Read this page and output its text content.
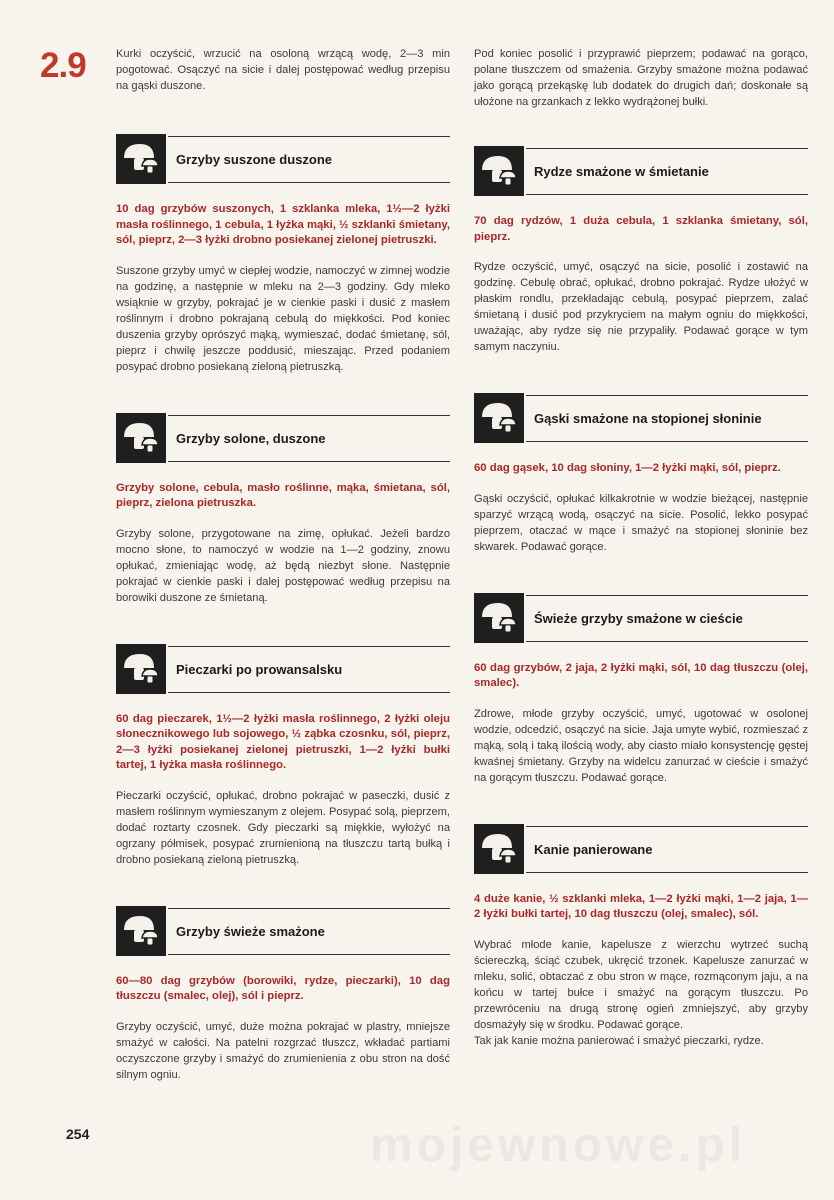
2.9
254	mojewnowe.pl

Kurki oczyścić, wrzucić na osoloną wrzącą wodę, 2—3 min pogotować. Osączyć na sicie i dalej postępować według przepisu na gąski duszone.

Grzyby suszone duszone

10 dag grzybów suszonych, 1 szklanka mleka, 1½—2 łyżki masła roślinnego, 1 cebula, 1 łyżka mąki, ½ szklanki śmietany, sól, pieprz, 2—3 łyżki drobno posiekanej zielonej pietruszki.

Suszone grzyby umyć w ciepłej wodzie, namoczyć w zimnej wodzie na godzinę, a następnie w mleku na 2—3 godziny. Gdy mleko wsiąknie w grzyby, pokrajać je w cienkie paski i dusić z masłem roślinnym i drobno pokrajaną cebulą do miękkości. Pod koniec duszenia grzyby oprószyć mąką, wymieszać, dodać śmietanę, sól, pieprz i chwilę jeszcze poddusić, mieszając. Przed podaniem posypać drobno posiekaną zieloną pietruszką.

Grzyby solone, duszone

Grzyby solone, cebula, masło roślinne, mąka, śmietana, sól, pieprz, zielona pietruszka.

Grzyby solone, przygotowane na zimę, opłukać. Jeżeli bardzo mocno słone, to namoczyć w wodzie na 1—2 godziny, znowu opłukać, zmieniając wodę, aż będą niezbyt słone. Następnie pokrajać w cienkie paski i dalej postępować według przepisu na borowiki duszone ze śmietaną.

Pieczarki po prowansalsku

60 dag pieczarek, 1½—2 łyżki masła roślinnego, 2 łyżki oleju słonecznikowego lub sojowego, ½ ząbka czosnku, sól, pieprz, 2—3 łyżki posiekanej zielonej pietruszki, 1—2 łyżki bułki tartej, 1 łyżka masła roślinnego.

Pieczarki oczyścić, opłukać, drobno pokrajać w paseczki, dusić z masłem roślinnym wymieszanym z olejem. Posypać solą, pieprzem, dodać roztarty czosnek. Gdy pieczarki są miękkie, wyłożyć na ogrzany półmisek, posypać zrumienioną na tłuszczu tartą bułką i drobno posiekaną zieloną pietruszką.

Grzyby świeże smażone

60—80 dag grzybów (borowiki, rydze, pieczarki), 10 dag tłuszczu (smalec, olej), sól i pieprz.

Grzyby oczyścić, umyć, duże można pokrajać w plastry, mniejsze smażyć w całości. Na patelni rozgrzać tłuszcz, wkładać partiami oczyszczone grzyby i smażyć do zrumienienia z obu stron na dość silnym ogniu.

Pod koniec posolić i przyprawić pieprzem; podawać na gorąco, polane tłuszczem od smażenia. Grzyby smażone można podawać jako gorącą przekąskę lub dodatek do drugich dań; doskonałe są ułożone na grzankach z lekko wydrążonej bułki.

Rydze smażone w śmietanie

70 dag rydzów, 1 duża cebula, 1 szklanka śmietany, sól, pieprz.

Rydze oczyścić, umyć, osączyć na sicie, posolić i zostawić na godzinę. Cebulę obrać, opłukać, drobno pokrajać. Rydze ułożyć w płaskim rondlu, przekładając cebulą, posypać pieprzem, zalać śmietaną i dusić pod przykryciem na małym ogniu do miękkości, uważając, aby rydze się nie przypaliły. Podawać gorące w tym samym naczyniu.

Gąski smażone na stopionej słoninie

60 dag gąsek, 10 dag słoniny, 1—2 łyżki mąki, sól, pieprz.

Gąski oczyścić, opłukać kilkakrotnie w wodzie bieżącej, następnie sparzyć wrzącą wodą, osączyć na sicie. Posolić, lekko posypać pieprzem, otaczać w mące i smażyć na stopionej słoninie bez skwarek. Podawać gorące.

Świeże grzyby smażone w cieście

60 dag grzybów, 2 jaja, 2 łyżki mąki, sól, 10 dag tłuszczu (olej, smalec).

Zdrowe, młode grzyby oczyścić, umyć, ugotować w osolonej wodzie, odcedzić, osączyć na sicie. Jaja umyte wybić, rozmieszać z mąką, solą i taką ilością wody, aby ciasto miało konsystencję gęstej kwaśnej śmietany. Grzyby na widelcu zanurzać w cieście i smażyć na gorącym tłuszczu. Podawać gorące.

Kanie panierowane

4 duże kanie, ½ szklanki mleka, 1—2 łyżki mąki, 1—2 jaja, 1—2 łyżki bułki tartej, 10 dag tłuszczu (olej, smalec), sól.

Wybrać młode kanie, kapelusze z wierzchu wytrzeć suchą ściereczką, ściąć czubek, ukręcić trzonek. Kapelusze zanurzać w mleku, solić, obtaczać z obu stron w mące, rozmąconym jaju, a na końcu w tartej bułce i smażyć na gorącym tłuszczu. Po przewróceniu na drugą stronę ogień zmniejszyć, aby grzyby dosmażyły się w środku. Podawać gorące.

Tak jak kanie można panierować i smażyć pieczarki, rydze.
